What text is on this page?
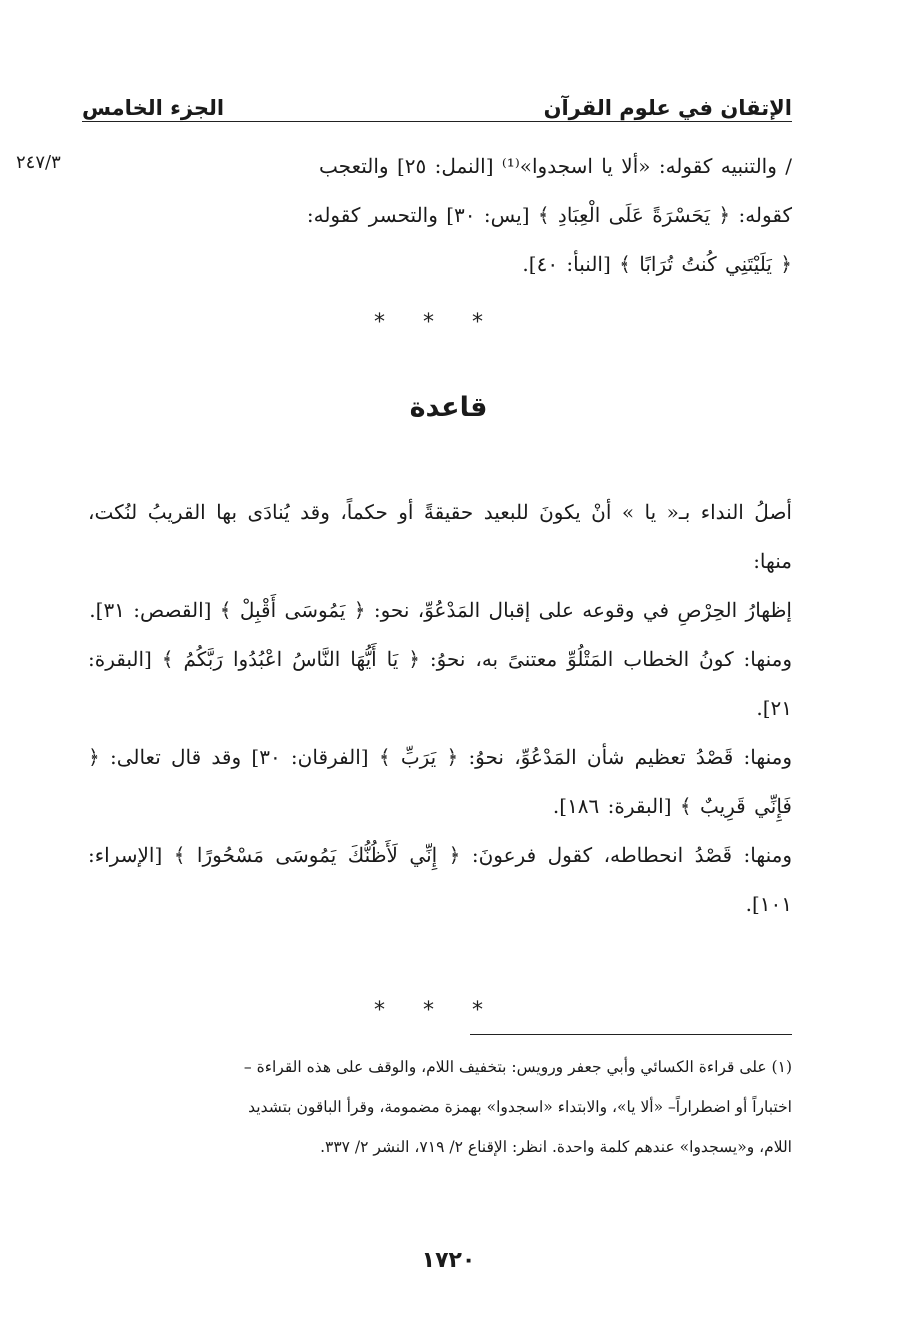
الإتقان في علوم القرآن
الجزء الخامس
٢٤٧/٣	/ والتنبيه كقوله: «ألا يا اسجدوا»⁽¹⁾ [النمل: ٢٥] والتعجب

كقوله: ﴿ يَحَسْرَةً عَلَى الْعِبَادِ ﴾ [يس: ٣٠] والتحسر كقوله:

﴿ يَلَيْتَنِي كُنتُ تُرَابًا ﴾ [النبأ: ٤٠].

* * *
قاعدة

أصلُ النداء بـ« يا » أنْ يكونَ للبعيد حقيقةً أو حكماً، وقد يُنادَى بها القريبُ لنُكت، منها:

إظهارُ الحِرْصِ في وقوعه على إقبال المَدْعُوِّ، نحو: ﴿ يَمُوسَى أَقْبِلْ ﴾ [القصص: ٣١].

ومنها: كونُ الخطاب المَتْلُوِّ معتنىً به، نحوُ: ﴿ يَا أَيُّهَا النَّاسُ اعْبُدُوا رَبَّكُمُ ﴾ [البقرة: ٢١].

ومنها: قَصْدُ تعظيم شأن المَدْعُوِّ، نحوُ: ﴿ يَرَبِّ ﴾ [الفرقان: ٣٠] وقد قال تعالى: ﴿ فَإِنِّي قَرِيبٌ ﴾ [البقرة: ١٨٦].

ومنها: قَصْدُ انحطاطه، كقول فرعونَ: ﴿ إِنِّي لَأَظُنُّكَ يَمُوسَى مَسْحُورًا ﴾ [الإسراء: ١٠١].

* * *

(١) على قراءة الكسائي وأبي جعفر ورويس: بتخفيف اللام، والوقف على هذه القراءة –

اختباراً أو اضطراراً– «ألا يا»، والابتداء «اسجدوا» بهمزة مضمومة، وقرأ الباقون بتشديد

اللام، و«يسجدوا» عندهم كلمة واحدة. انظر: الإقناع ٢/ ٧١٩، النشر ٢/ ٣٣٧.

١٧٢٠
